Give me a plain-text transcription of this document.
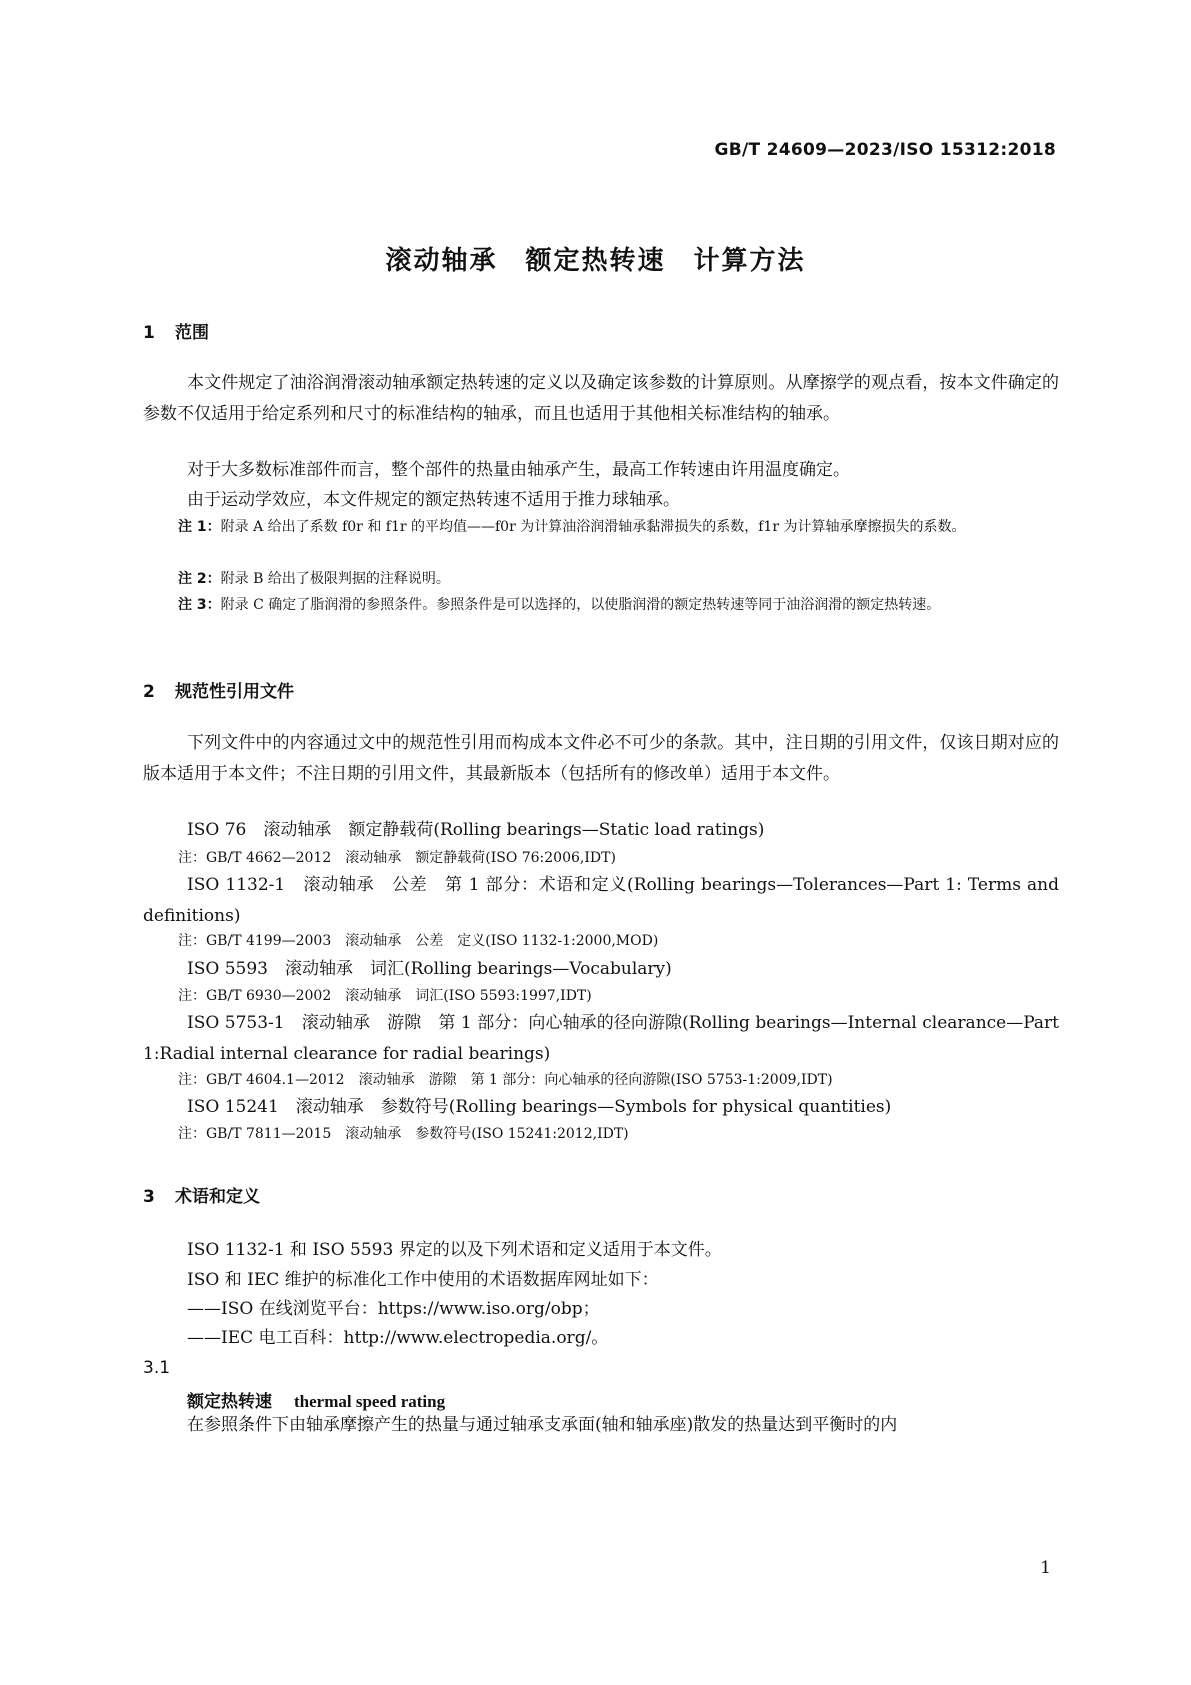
GB/T 24609—2023/ISO 15312:2018
滚动轴承　额定热转速　计算方法
1 范围
本文件规定了油浴润滑滚动轴承额定热转速的定义以及确定该参数的计算原则。从摩擦学的观点看，按本文件确定的参数不仅适用于给定系列和尺寸的标准结构的轴承，而且也适用于其他相关标准结构的轴承。
对于大多数标准部件而言，整个部件的热量由轴承产生，最高工作转速由许用温度确定。
由于运动学效应，本文件规定的额定热转速不适用于推力球轴承。
注 1：附录 A 给出了系数 f0r 和 f1r 的平均值——f0r 为计算油浴润滑轴承黏滞损失的系数，f1r 为计算轴承摩擦损失的系数。
注 2：附录 B 给出了极限判据的注释说明。
注 3：附录 C 确定了脂润滑的参照条件。参照条件是可以选择的，以使脂润滑的额定热转速等同于油浴润滑的额定热转速。
2 规范性引用文件
下列文件中的内容通过文中的规范性引用而构成本文件必不可少的条款。其中，注日期的引用文件，仅该日期对应的版本适用于本文件；不注日期的引用文件，其最新版本（包括所有的修改单）适用于本文件。
ISO 76　滚动轴承　额定静载荷(Rolling bearings—Static load ratings)
注：GB/T 4662—2012　滚动轴承　额定静载荷(ISO 76:2006,IDT)
ISO 1132-1　滚动轴承　公差　第 1 部分：术语和定义(Rolling bearings—Tolerances—Part 1: Terms and definitions)
注：GB/T 4199—2003　滚动轴承　公差　定义(ISO 1132-1:2000,MOD)
ISO 5593　滚动轴承　词汇(Rolling bearings—Vocabulary)
注：GB/T 6930—2002　滚动轴承　词汇(ISO 5593:1997,IDT)
ISO 5753-1　滚动轴承　游隙　第 1 部分：向心轴承的径向游隙(Rolling bearings—Internal clearance—Part 1:Radial internal clearance for radial bearings)
注：GB/T 4604.1—2012　滚动轴承　游隙　第 1 部分：向心轴承的径向游隙(ISO 5753-1:2009,IDT)
ISO 15241　滚动轴承　参数符号(Rolling bearings—Symbols for physical quantities)
注：GB/T 7811—2015　滚动轴承　参数符号(ISO 15241:2012,IDT)
3 术语和定义
ISO 1132-1 和 ISO 5593 界定的以及下列术语和定义适用于本文件。
ISO 和 IEC 维护的标准化工作中使用的术语数据库网址如下：
——ISO 在线浏览平台：https://www.iso.org/obp；
——IEC 电工百科：http://www.electropedia.org/。
3.1
额定热转速 thermal speed rating
在参照条件下由轴承摩擦产生的热量与通过轴承支承面(轴和轴承座)散发的热量达到平衡时的内
1
